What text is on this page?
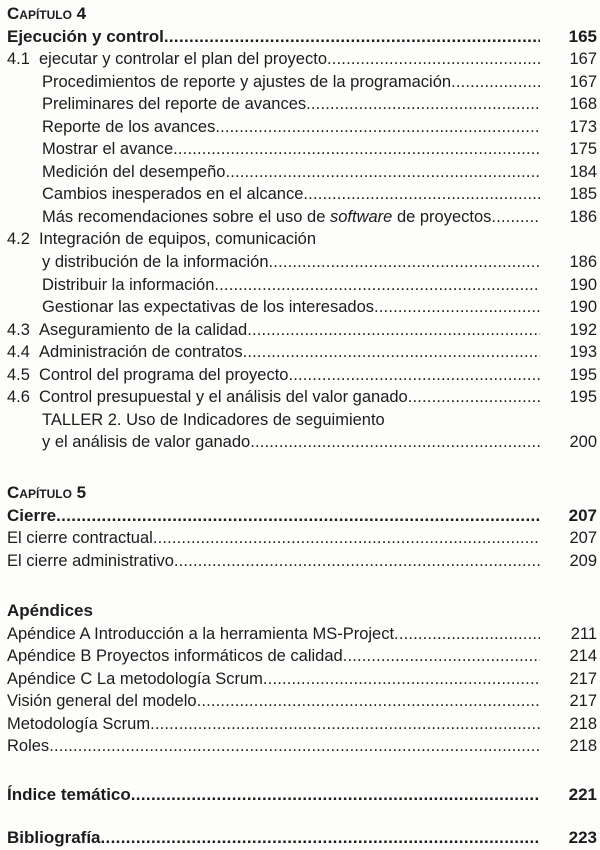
Capítulo 4
Ejecución y control . . .	165
4.1 ejecutar y controlar el plan del proyecto . . .	167
Procedimientos de reporte y ajustes de la programación . . .	167
Preliminares del reporte de avances . . .	168
Reporte de los avances . . .	173
Mostrar el avance . . .	175
Medición del desempeño . . .	184
Cambios inesperados en el alcance . . .	185
Más recomendaciones sobre el uso de software de proyectos . . .	186
4.2 Integración de equipos, comunicación
y distribución de la información . . .	186
Distribuir la información . . .	190
Gestionar las expectativas de los interesados . . .	190
4.3 Aseguramiento de la calidad . . .	192
4.4 Administración de contratos . . .	193
4.5 Control del programa del proyecto . . .	195
4.6 Control presupuestal y el análisis del valor ganado . . .	195
TALLER 2. Uso de Indicadores de seguimiento
y el análisis de valor ganado . . .	200
Capítulo 5
Cierre . . .	207
El cierre contractual . . .	207
El cierre administrativo . . .	209
Apéndices
Apéndice A Introducción a la herramienta MS-Project . . .	211
Apéndice B Proyectos informáticos de calidad . . .	214
Apéndice C La metodología Scrum . . .	217
Visión general del modelo . . .	217
Metodología Scrum . . .	218
Roles . . .	218
Índice temático . . .	221
Bibliografía . . .	223
